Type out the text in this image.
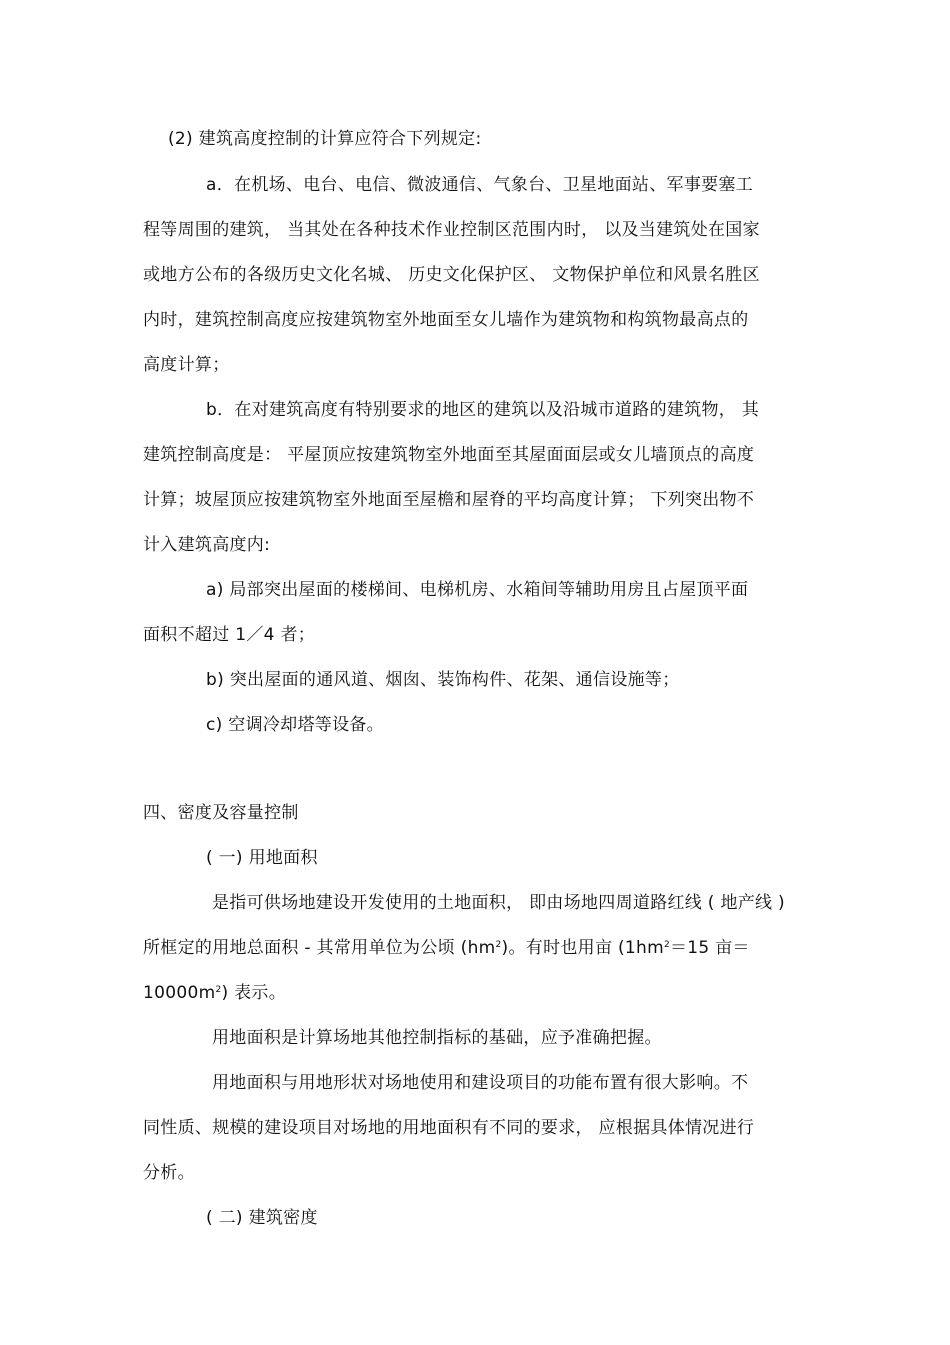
(2) 建筑高度控制的计算应符合下列规定:
a．在机场、电台、电信、微波通信、气象台、卫星地面站、军事要塞工
程等周围的建筑， 当其处在各种技术作业控制区范围内时， 以及当建筑处在国家
或地方公布的各级历史文化名城、 历史文化保护区、 文物保护单位和风景名胜区
内时，建筑控制高度应按建筑物室外地面至女儿墙作为建筑物和构筑物最高点的
高度计算；
b．在对建筑高度有特别要求的地区的建筑以及沿城市道路的建筑物， 其
建筑控制高度是： 平屋顶应按建筑物室外地面至其屋面面层或女儿墙顶点的高度
计算；坡屋顶应按建筑物室外地面至屋檐和屋脊的平均高度计算； 下列突出物不
计入建筑高度内:
a) 局部突出屋面的楼梯间、电梯机房、水箱间等辅助用房且占屋顶平面
面积不超过 1／4 者；
b) 突出屋面的通风道、烟囱、装饰构件、花架、通信设施等；
c) 空调冷却塔等设备。
四、密度及容量控制
( 一) 用地面积
是指可供场地建设开发使用的土地面积， 即由场地四周道路红线 ( 地产线 )
所框定的用地总面积 - 其常用单位为公顷 $(hm^2)$。有时也用亩 ($1hm^2=15$ 亩＝
$10000m^2$) 表示。
用地面积是计算场地其他控制指标的基础，应予准确把握。
用地面积与用地形状对场地使用和建设项目的功能布置有很大影响。不
同性质、规模的建设项目对场地的用地面积有不同的要求， 应根据具体情况进行
分析。
( 二) 建筑密度
